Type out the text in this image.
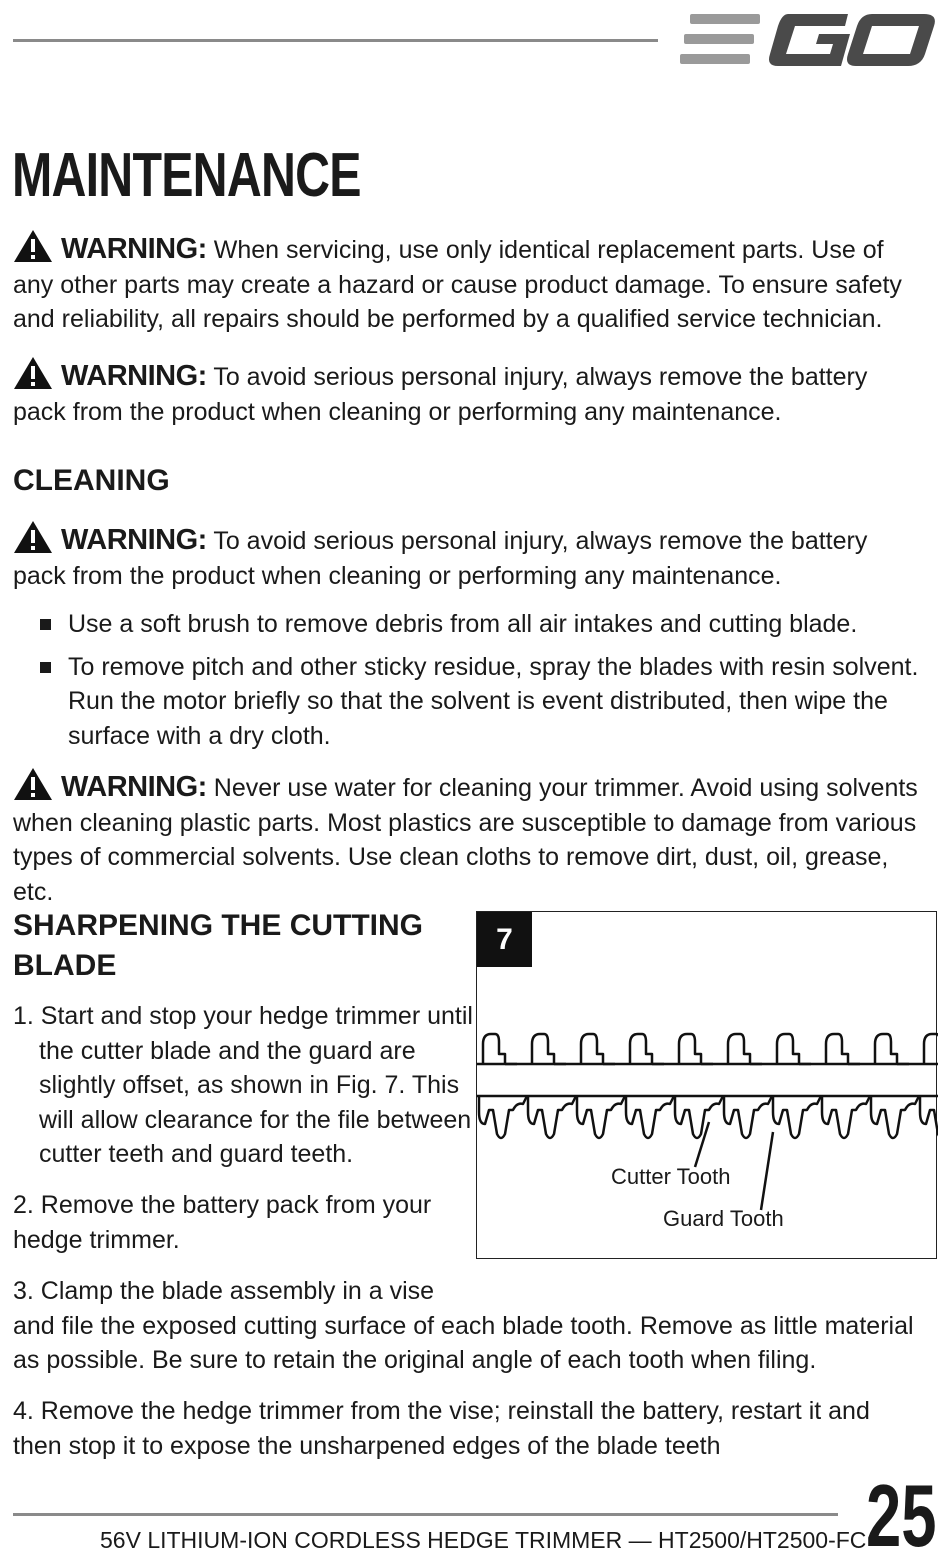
MAINTENANCE

WARNING: When servicing, use only identical replacement parts. Use of any other parts may create a hazard or cause product damage. To ensure safety and reliability, all repairs should be performed by a qualified service technician.

WARNING: To avoid serious personal injury, always remove the battery pack from the product when cleaning or performing any maintenance.

CLEANING

WARNING: To avoid serious personal injury, always remove the battery pack from the product when cleaning or performing any maintenance.

Use a soft brush to remove debris from all air intakes and cutting blade.
To remove pitch and other sticky residue, spray the blades with resin solvent. Run the motor briefly so that the solvent is event distributed, then wipe the surface with a dry cloth.

WARNING: Never use water for cleaning your trimmer. Avoid using solvents when cleaning plastic parts. Most plastics are susceptible to damage from various types of commercial solvents. Use clean cloths to remove dirt, dust, oil, grease, etc.

SHARPENING THE CUTTING
BLADE

1. Start and stop your hedge trimmer until the cutter blade and the guard are slightly offset, as shown in Fig. 7. This will allow clearance for the file between cutter teeth and guard teeth.

2. Remove the battery pack from your hedge trimmer.

3. Clamp the blade assembly in a vise
and file the exposed cutting surface of each blade tooth. Remove as little material as possible. Be sure to retain the original angle of each tooth when filing.

4. Remove the hedge trimmer from the vise; reinstall the battery, restart it and then stop it to expose the unsharpened edges of the blade teeth

7
Cutter Tooth
Guard Tooth
56V LITHIUM-ION CORDLESS HEDGE TRIMMER — HT2500/HT2500-FC 25
